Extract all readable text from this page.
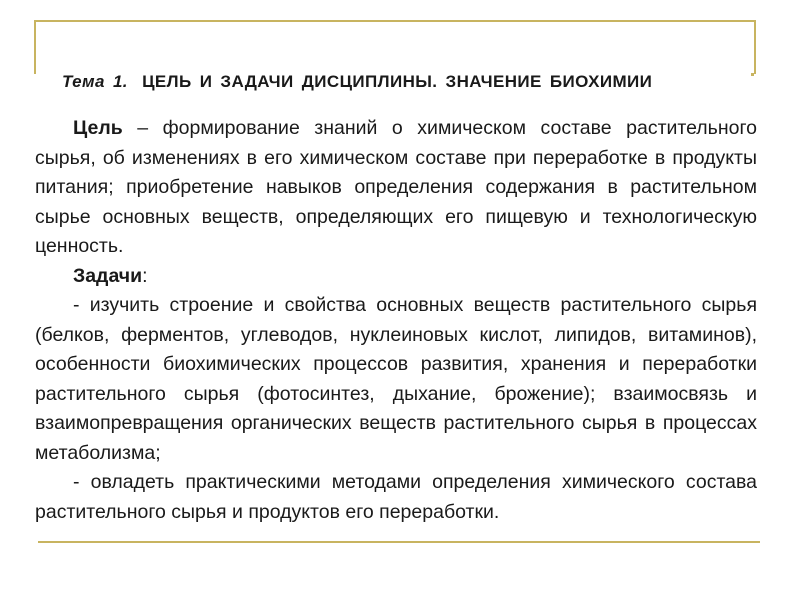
Тема 1. ЦЕЛЬ И ЗАДАЧИ ДИСЦИПЛИНЫ. ЗНАЧЕНИЕ БИОХИМИИ

Цель – формирование знаний о химическом составе растительного сырья, об изменениях в его химическом составе при переработке в продукты питания; приобретение навыков определения содержания в растительном сырье основных веществ, определяющих его пищевую и технологическую ценность.

Задачи:

- изучить строение и свойства основных веществ растительного сырья (белков, ферментов, углеводов, нуклеиновых кислот, липидов, витаминов), особенности биохимических процессов развития, хранения и переработки растительного сырья (фотосинтез, дыхание, брожение); взаимосвязь и взаимопревращения органических веществ растительного сырья в процессах метаболизма;

- овладеть практическими методами определения химического состава растительного сырья и продуктов его переработки.
